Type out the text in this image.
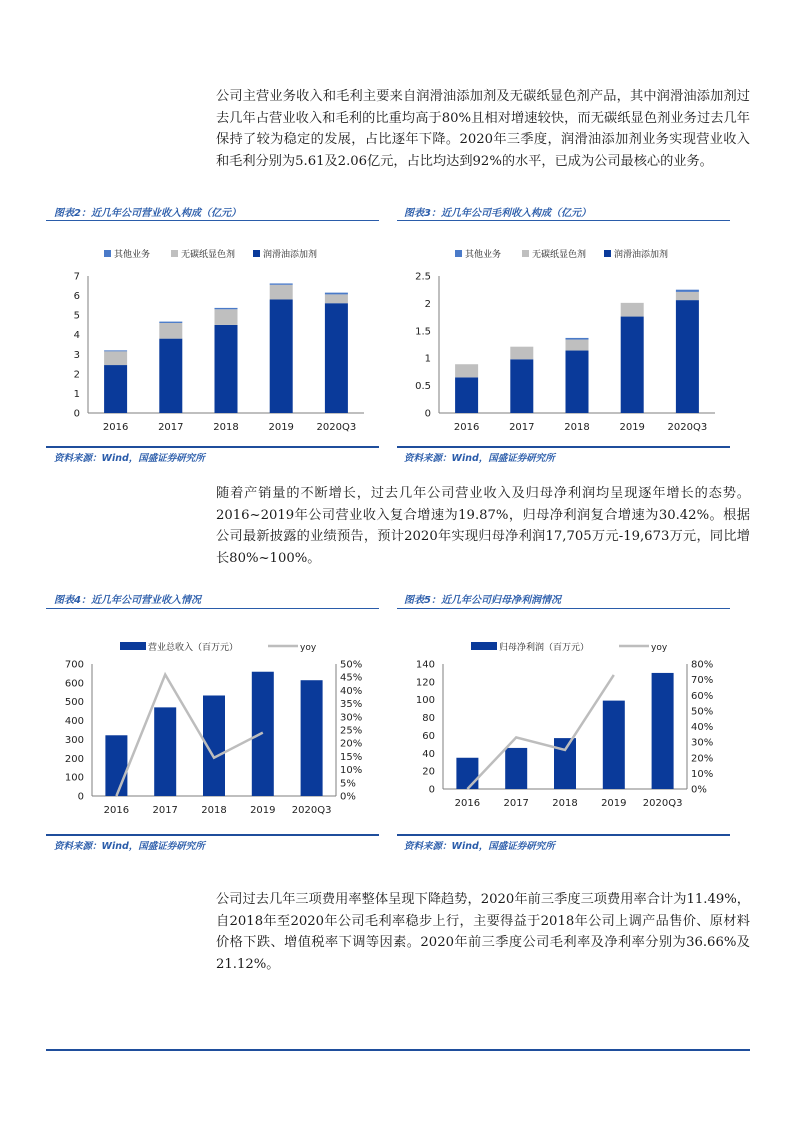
公司主营业务收入和毛利主要来自润滑油添加剂及无碳纸显色剂产品，其中润滑油添加剂过去几年占营业收入和毛利的比重均高于80%且相对增速较快，而无碳纸显色剂业务过去几年保持了较为稳定的发展，占比逐年下降。2020年三季度，润滑油添加剂业务实现营业收入和毛利分别为5.61及2.06亿元，占比均达到92%的水平，已成为公司最核心的业务。
图表2：近几年公司营业收入构成（亿元）	图表3：近几年公司毛利收入构成（亿元）
其他业务	无碳纸显色剂	润滑油添加剂
0
1
2
3
4
5
6
7
2016	2017	2018	2019 2020Q3
其他业务	无碳纸显色剂	润滑油添加剂
0
0.5
1
1.5
2
2.5
2016	2017	2018	2019 2020Q3
资料来源：Wind，国盛证券研究所	资料来源：Wind，国盛证券研究所
随着产销量的不断增长，过去几年公司营业收入及归母净利润均呈现逐年增长的态势。2016~2019年公司营业收入复合增速为19.87%，归母净利润复合增速为30.42%。根据公司最新披露的业绩预告，预计2020年实现归母净利润17,705万元-19,673万元，同比增长80%~100%。
图表4：近几年公司营业收入情况	图表5：近几年公司归母净利润情况
营业总收入（百万元）	yoy
0
100
200
300
400
500
600
700
0%
5%
10%
15%
20%
25%
30%
35%
40%
45%
50%
2016 2017 2018 2019 2020Q3
归母净利润（百万元）	yoy
0
20
40
60
80
100
120
140
0%
10%
20%
30%
40%
50%
60%
70%
80%
2016 2017 2018 2019 2020Q3
资料来源：Wind，国盛证券研究所	资料来源：Wind，国盛证券研究所
公司过去几年三项费用率整体呈现下降趋势，2020年前三季度三项费用率合计为11.49%，自2018年至2020年公司毛利率稳步上行，主要得益于2018年公司上调产品售价、原材料价格下跌、增值税率下调等因素。2020年前三季度公司毛利率及净利率分别为36.66%及21.12%。
